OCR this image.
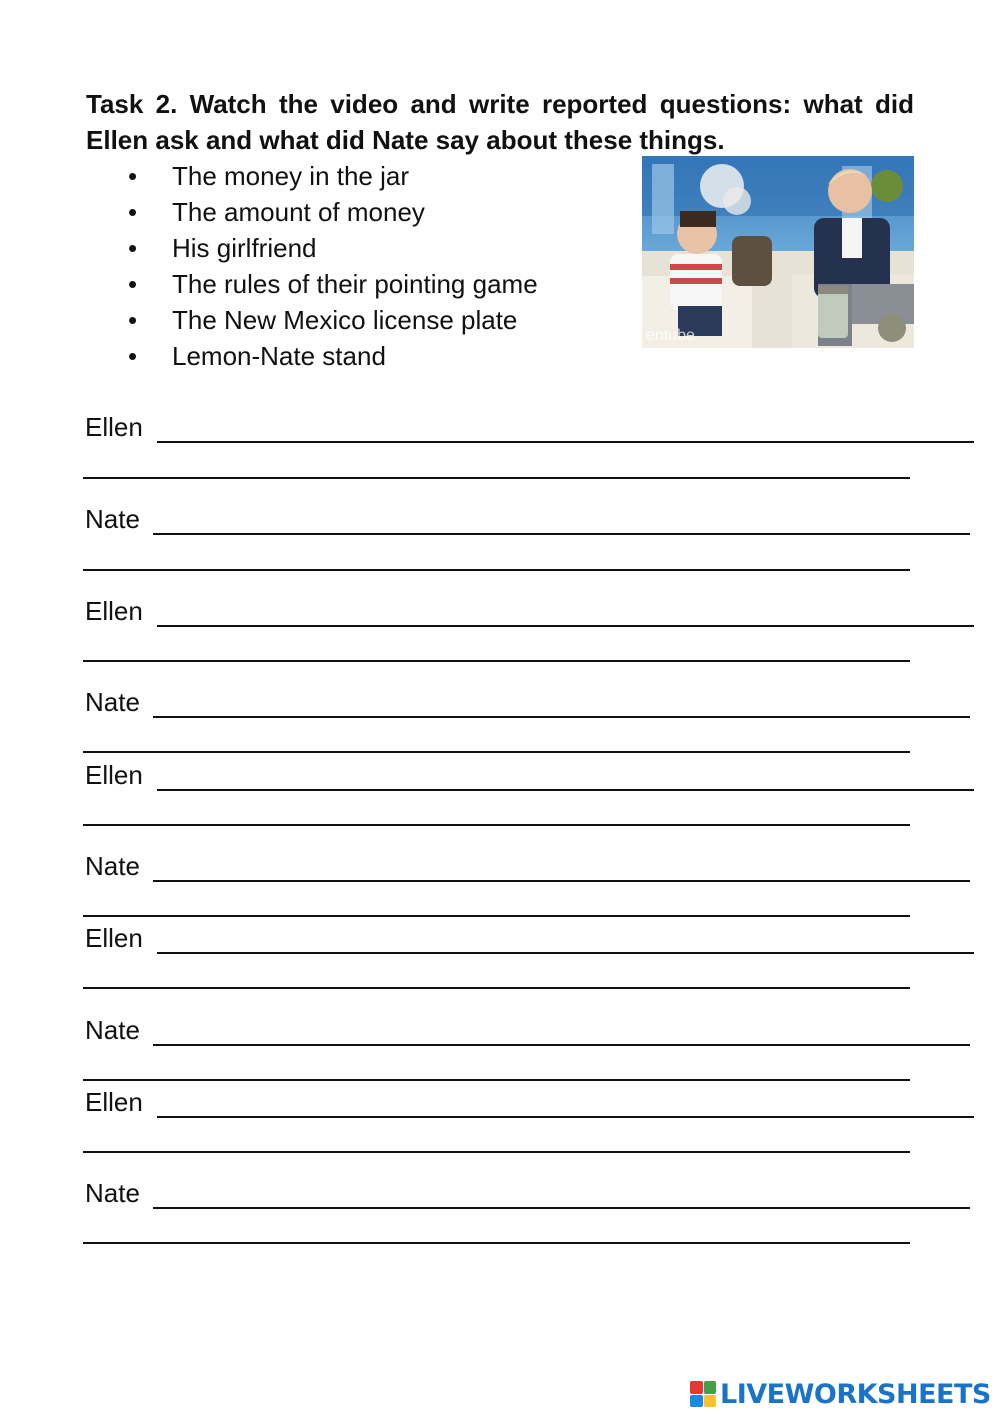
Task 2. Watch the video and write reported questions: what did Ellen ask and what did Nate say about these things.

• The money in the jar
• The amount of money
• His girlfriend
• The rules of their pointing game
• The New Mexico license plate
• Lemon-Nate stand
entube
Ellen
Nate
Ellen
Nate
Ellen
Nate
Ellen
Nate
Ellen
Nate
LIVEWORKSHEETS
